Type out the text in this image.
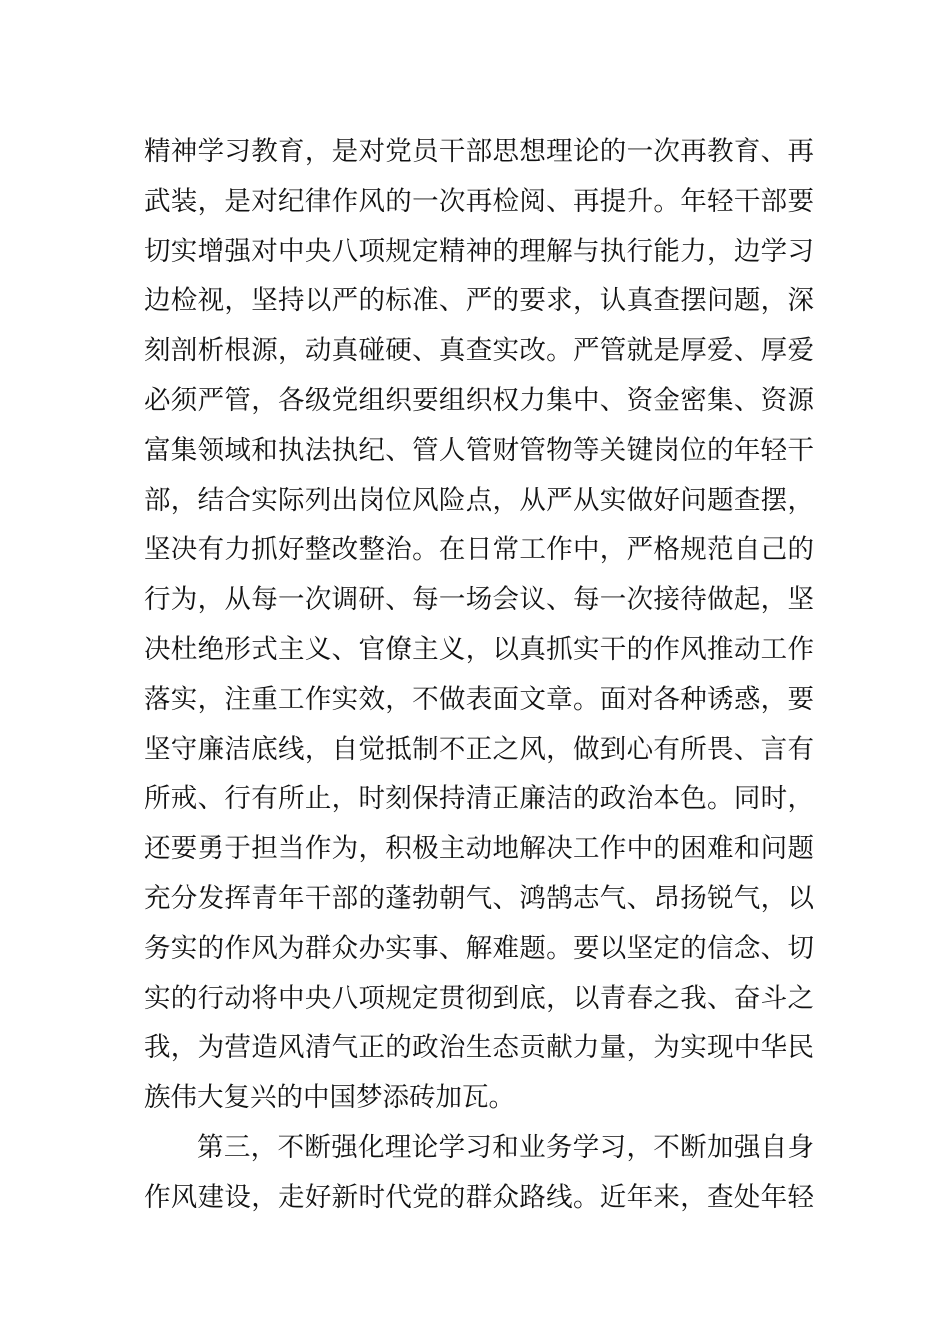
精神学习教育，是对党员干部思想理论的一次再教育、再
武装，是对纪律作风的一次再检阅、再提升。年轻干部要
切实增强对中央八项规定精神的理解与执行能力，边学习
边检视，坚持以严的标准、严的要求，认真查摆问题，深
刻剖析根源，动真碰硬、真查实改。严管就是厚爱、厚爱
必须严管，各级党组织要组织权力集中、资金密集、资源
富集领域和执法执纪、管人管财管物等关键岗位的年轻干
部，结合实际列出岗位风险点，从严从实做好问题查摆，
坚决有力抓好整改整治。在日常工作中，严格规范自己的
行为，从每一次调研、每一场会议、每一次接待做起，坚
决杜绝形式主义、官僚主义，以真抓实干的作风推动工作
落实，注重工作实效，不做表面文章。面对各种诱惑，要
坚守廉洁底线，自觉抵制不正之风，做到心有所畏、言有
所戒、行有所止，时刻保持清正廉洁的政治本色。同时，
还要勇于担当作为，积极主动地解决工作中的困难和问题
充分发挥青年干部的蓬勃朝气、鸿鹄志气、昂扬锐气，以
务实的作风为群众办实事、解难题。要以坚定的信念、切
实的行动将中央八项规定贯彻到底，以青春之我、奋斗之
我，为营造风清气正的政治生态贡献力量，为实现中华民
族伟大复兴的中国梦添砖加瓦。
第三，不断强化理论学习和业务学习，不断加强自身
作风建设，走好新时代党的群众路线。近年来，查处年轻
